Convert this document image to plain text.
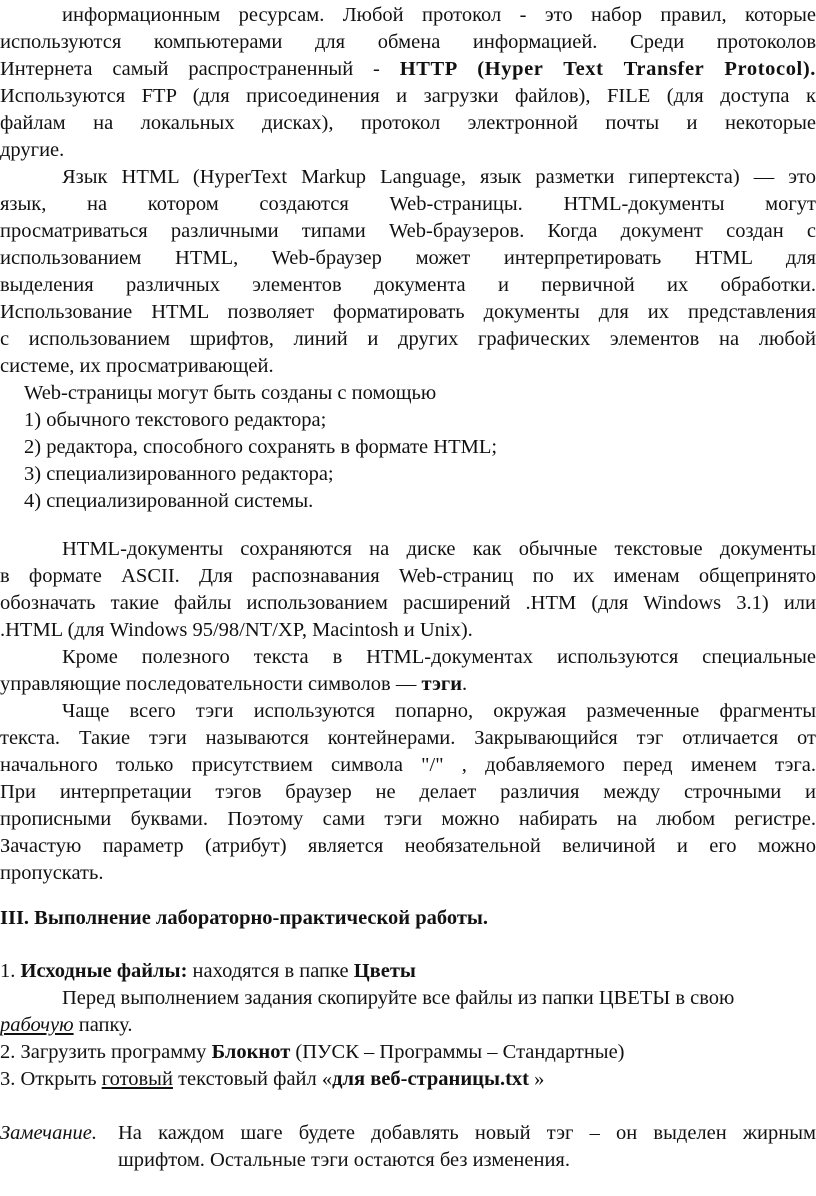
информационным ресурсам. Любой протокол - это набор правил, которые
используются компьютерами для обмена информацией. Среди протоколов
Интернета самый распространенный - HTTP (Hyper Text Transfer Protocol).
Используются FTP (для присоединения и загрузки файлов), FILE (для доступа к
файлам на локальных дисках), протокол электронной почты и некоторые
другие.
Язык HTML (HyperText Markup Language, язык разметки гипертекста) — это
язык, на котором создаются Web-страницы. HTML-документы могут
просматриваться различными типами Web-браузеров. Когда документ создан с
использованием HTML, Web-браузер может интерпретировать HTML для
выделения различных элементов документа и первичной их обработки.
Использование HTML позволяет форматировать документы для их представления
с использованием шрифтов, линий и других графических элементов на любой
системе, их просматривающей.
Web-страницы могут быть созданы с помощью
1) обычного текстового редактора;
2) редактора, способного сохранять в формате HTML;
3) специализированного редактора;
4) специализированной системы.
HTML-документы сохраняются на диске как обычные текстовые документы
в формате ASCII. Для распознавания Web-страниц по их именам общепринято
обозначать такие файлы использованием расширений .HTM (для Windows 3.1) или
.HTML (для Windows 95/98/NT/XP, Macintosh и Unix).
Кроме полезного текста в HTML-документах используются специальные
управляющие последовательности символов — тэги.
Чаще всего тэги используются попарно, окружая размеченные фрагменты
текста. Такие тэги называются контейнерами. Закрывающийся тэг отличается от
начального только присутствием символа "/" , добавляемого перед именем тэга.
При интерпретации тэгов браузер не делает различия между строчными и
прописными буквами. Поэтому сами тэги можно набирать на любом регистре.
Зачастую параметр (атрибут) является необязательной величиной и его можно
пропускать.
III. Выполнение лабораторно-практической работы.
1. Исходные файлы: находятся в папке Цветы
Перед выполнением задания скопируйте все файлы из папки ЦВЕТЫ в свою
рабочую папку.
2. Загрузить программу Блокнот (ПУСК – Программы – Стандартные)
3. Открыть готовый текстовый файл «для веб-страницы.txt »
Замечание.	На каждом шаге будете добавлять новый тэг – он выделен жирным
шрифтом. Остальные тэги остаются без изменения.
